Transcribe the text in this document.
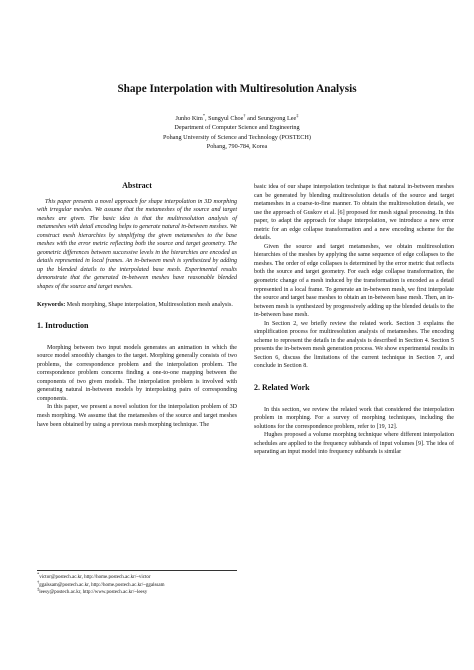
Shape Interpolation with Multiresolution Analysis
Junho Kim*, Sungyul Choe† and Seungyong Lee‡
Department of Computer Science and Engineering
Pohang University of Science and Technology (POSTECH)
Pohang, 790-784, Korea
Abstract

This paper presents a novel approach for shape interpolation in 3D morphing with irregular meshes. We assume that the metameshes of the source and target meshes are given. The basic idea is that the multiresolution analysis of metameshes with detail encoding helps to generate natural in-between meshes. We construct mesh hierarchies by simplifying the given metameshes to the base meshes with the error metric reflecting both the source and target geometry. The geometric differences between successive levels in the hierarchies are encoded as details represented in local frames. An in-between mesh is synthesized by adding up the blended details to the interpolated base mesh. Experimental results demonstrate that the generated in-between meshes have reasonable blended shapes of the source and target meshes.

Keywords: Mesh morphing, Shape interpolation, Multiresolution mesh analysis.

1. Introduction

Morphing between two input models generates an animation in which the source model smoothly changes to the target. Morphing generally consists of two problems, the correspondence problem and the interpolation problem. The correspondence problem concerns finding a one-to-one mapping between the components of two given models. The interpolation problem is involved with generating natural in-between models by interpolating pairs of corresponding components.

In this paper, we present a novel solution for the interpolation problem of 3D mesh morphing. We assume that the metameshes of the source and target meshes have been obtained by using a previous mesh morphing technique. The

*victor@postech.ac.kr, http://home.postech.ac.kr/~victor
†ggalssam@postech.ac.kr, http://home.postech.ac.kr/~ggalssam
‡leesy@postech.ac.kr, http://www.postech.ac.kr/~leesy

basic idea of our shape interpolation technique is that natural in-between meshes can be generated by blending multiresolution details of the source and target metameshes in a coarse-to-fine manner. To obtain the multiresolution details, we use the approach of Guskov et al. [6] proposed for mesh signal processing. In this paper, to adapt the approach for shape interpolation, we introduce a new error metric for an edge collapse transformation and a new encoding scheme for the details.

Given the source and target metameshes, we obtain multiresolution hierarchies of the meshes by applying the same sequence of edge collapses to the meshes. The order of edge collapses is determined by the error metric that reflects both the source and target geometry. For each edge collapse transformation, the geometric change of a mesh induced by the transformation is encoded as a detail represented in a local frame. To generate an in-between mesh, we first interpolate the source and target base meshes to obtain an in-between base mesh. Then, an in-between mesh is synthesized by progressively adding up the blended details to the in-between base mesh.

In Section 2, we briefly review the related work. Section 3 explains the simplification process for multiresolution analysis of metameshes. The encoding scheme to represent the details in the analysis is described in Section 4. Section 5 presents the in-between mesh generation process. We show experimental results in Section 6, discuss the limitations of the current technique in Section 7, and conclude in Section 8.

2. Related Work

In this section, we review the related work that considered the interpolation problem in morphing. For a survey of morphing techniques, including the solutions for the correspondence problem, refer to [19, 12].

Hughes proposed a volume morphing technique where different interpolation schedules are applied to the frequency subbands of input volumes [9]. The idea of separating an input model into frequency subbands is similar
